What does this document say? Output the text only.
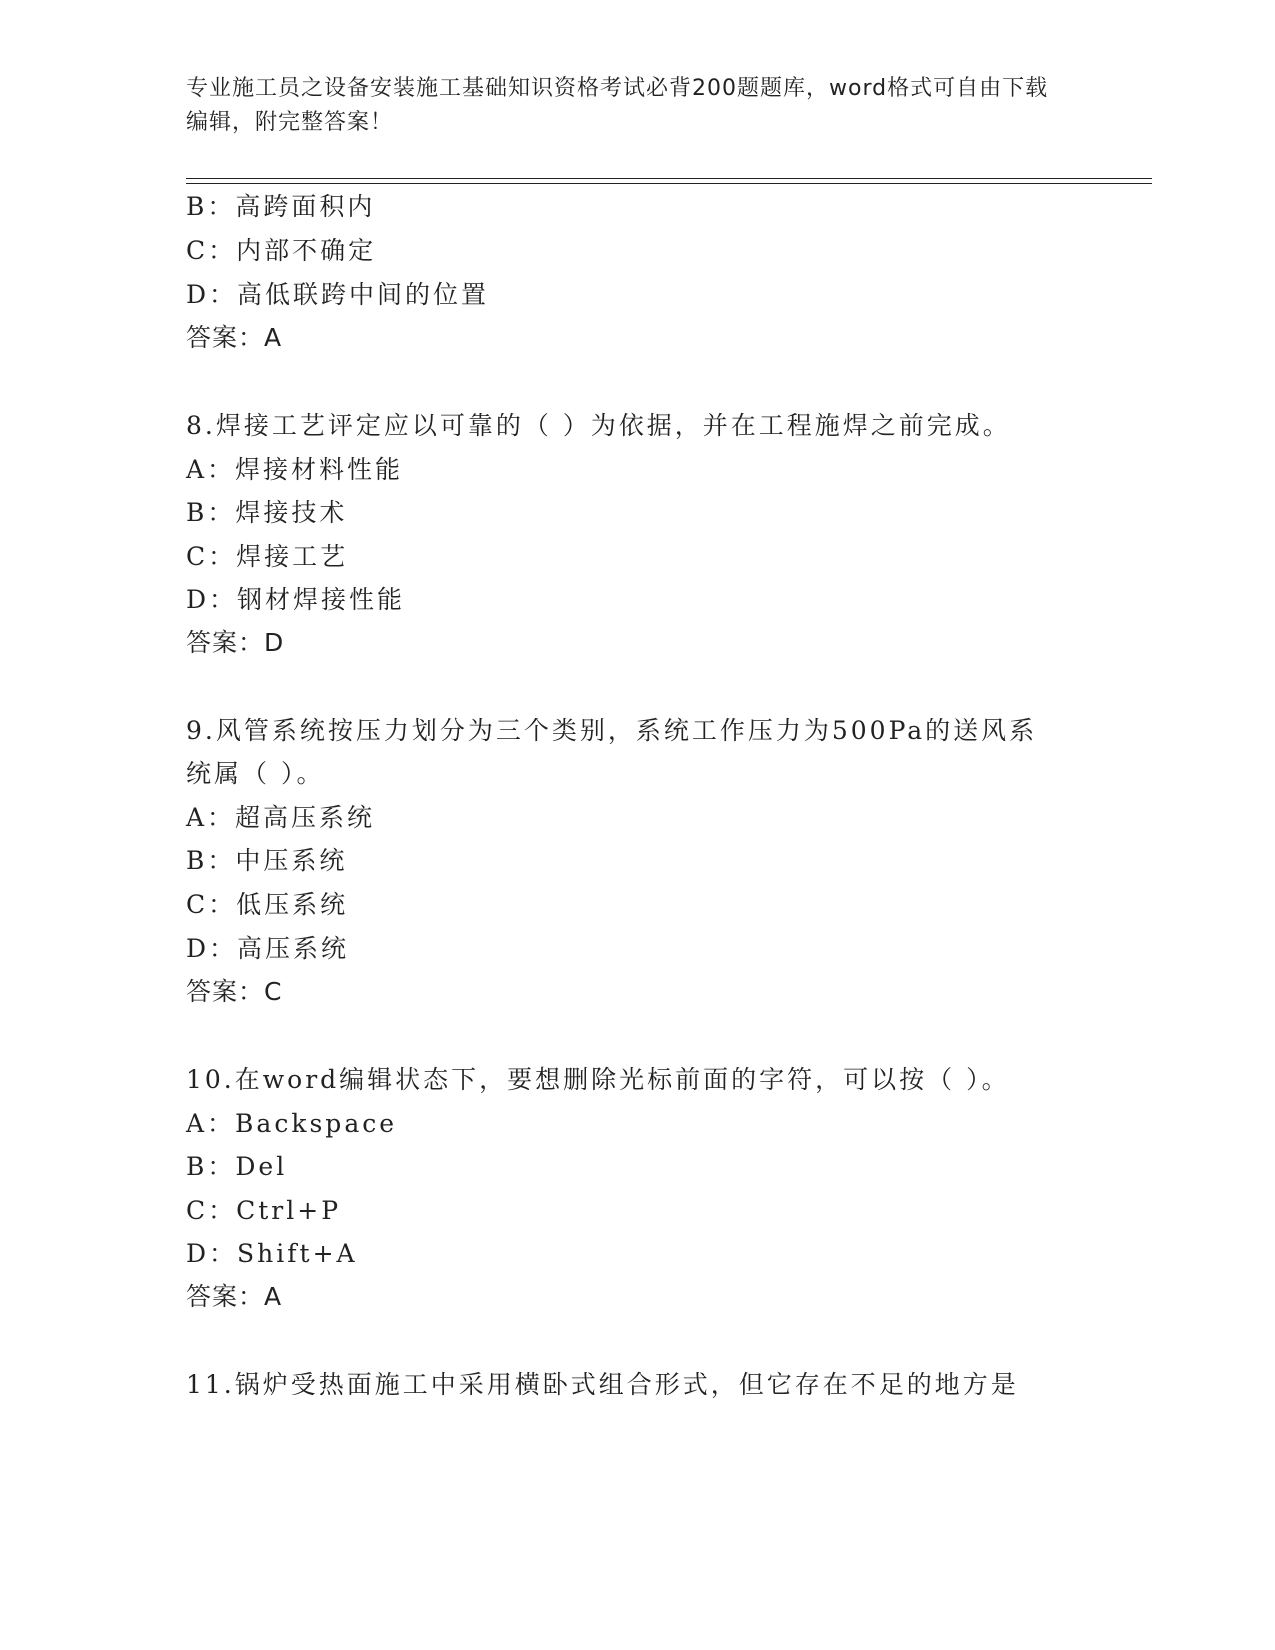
专业施工员之设备安装施工基础知识资格考试必背200题题库，word格式可自由下载编辑，附完整答案！
B：高跨面积内
C：内部不确定
D：高低联跨中间的位置
答案：A
8.焊接工艺评定应以可靠的（ ）为依据，并在工程施焊之前完成。
A：焊接材料性能
B：焊接技术
C：焊接工艺
D：钢材焊接性能
答案：D
9.风管系统按压力划分为三个类别，系统工作压力为500Pa的送风系
统属（ ）。
A：超高压系统
B：中压系统
C：低压系统
D：高压系统
答案：C
10.在word编辑状态下，要想删除光标前面的字符，可以按（ ）。
A：Backspace
B：Del
C：Ctrl+P
D：Shift+A
答案：A
11.锅炉受热面施工中采用横卧式组合形式，但它存在不足的地方是
